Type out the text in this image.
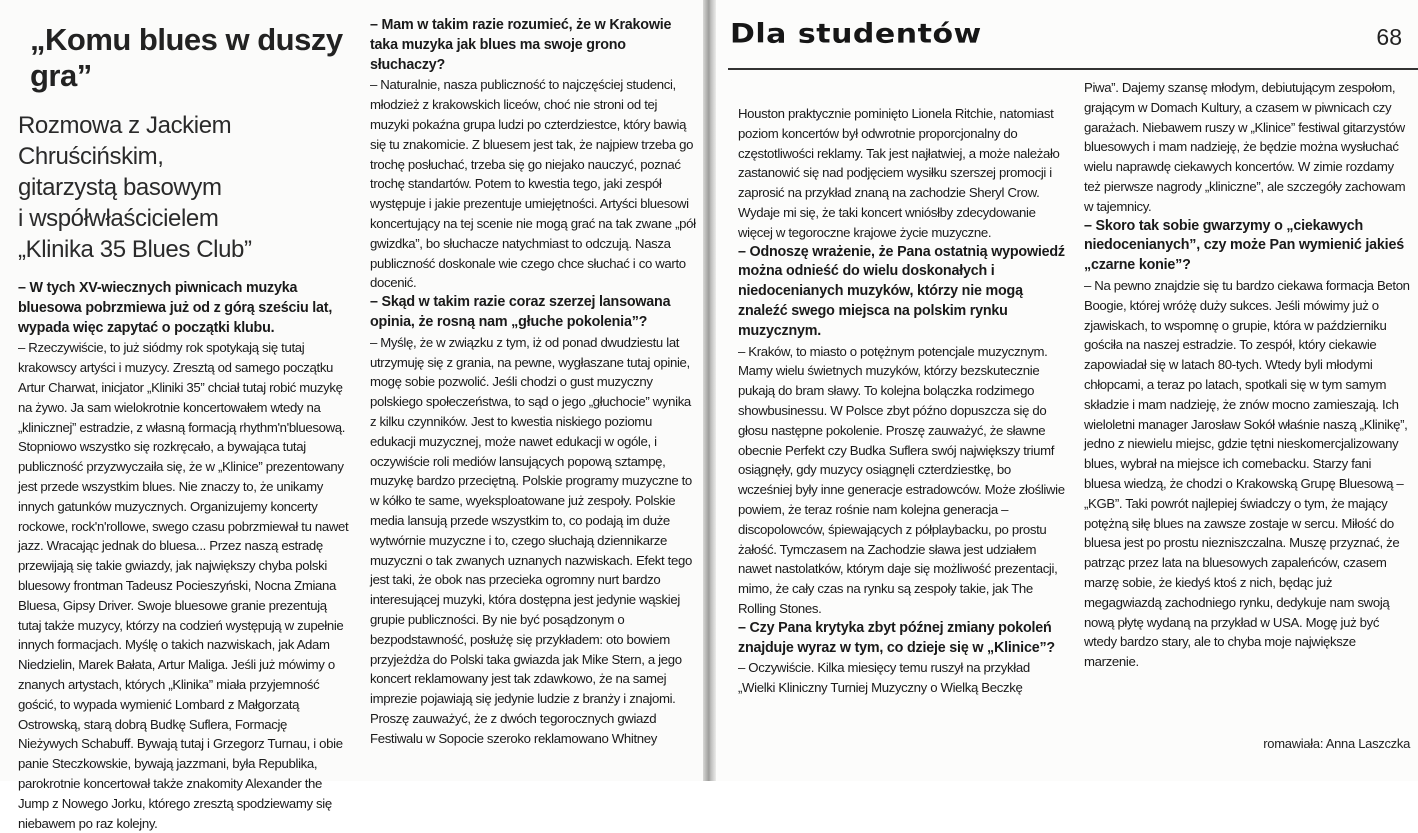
„Komu blues w duszy gra”
Rozmowa z Jackiem Chruścińskim,
gitarzystą basowym
i współwłaścicielem
„Klinika 35 Blues Club”

– W tych XV-wiecznych piwnicach muzyka bluesowa pobrzmiewa już od z górą sześciu lat, wypada więc zapytać o początki klubu.

– Rzeczywiście, to już siódmy rok spotykają się tutaj krakowscy artyści i muzycy. Zresztą od samego początku Artur Charwat, inicjator „Kliniki 35” chciał tutaj robić muzykę na żywo. Ja sam wielokrotnie koncertowałem wtedy na „klinicznej” estradzie, z własną formacją rhythm'n'bluesową. Stopniowo wszystko się rozkręcało, a bywająca tutaj publiczność przyzwyczaiła się, że w „Klinice” prezentowany jest przede wszystkim blues. Nie znaczy to, że unikamy innych gatunków muzycznych. Organizujemy koncerty rockowe, rock'n'rollowe, swego czasu pobrzmiewał tu nawet jazz. Wracając jednak do bluesa... Przez naszą estradę przewijają się takie gwiazdy, jak największy chyba polski bluesowy frontman Tadeusz Pocieszyński, Nocna Zmiana Bluesa, Gipsy Driver. Swoje bluesowe granie prezentują tutaj także muzycy, którzy na codzień występują w zupełnie innych formacjach. Myślę o takich nazwiskach, jak Adam Niedzielin, Marek Bałata, Artur Maliga. Jeśli już mówimy o znanych artystach, których „Klinika” miała przyjemność gościć, to wypada wymienić Lombard z Małgorzatą Ostrowską, starą dobrą Budkę Suflera, Formację Nieżywych Schabuff. Bywają tutaj i Grzegorz Turnau, i obie panie Steczkowskie, bywają jazzmani, była Republika, parokrotnie koncertował także znakomity Alexander the Jump z Nowego Jorku, którego zresztą spodziewamy się niebawem po raz kolejny.

– Mam w takim razie rozumieć, że w Krakowie taka muzyka jak blues ma swoje grono słuchaczy?

– Naturalnie, nasza publiczność to najczęściej studenci, młodzież z krakowskich liceów, choć nie stroni od tej muzyki pokaźna grupa ludzi po czterdziestce, który bawią się tu znakomicie. Z bluesem jest tak, że najpiew trzeba go trochę posłuchać, trzeba się go niejako nauczyć, poznać trochę standartów. Potem to kwestia tego, jaki zespół występuje i jakie prezentuje umiejętności. Artyści bluesowi koncertujący na tej scenie nie mogą grać na tak zwane „pół gwizdka”, bo słuchacze natychmiast to odczują. Nasza publiczność doskonale wie czego chce słuchać i co warto docenić.

– Skąd w takim razie coraz szerzej lansowana opinia, że rosną nam „głuche pokolenia”?

– Myślę, że w związku z tym, iż od ponad dwudziestu lat utrzymuję się z grania, na pewne, wygłaszane tutaj opinie, mogę sobie pozwolić. Jeśli chodzi o gust muzyczny polskiego społeczeństwa, to sąd o jego „głuchocie” wynika z kilku czynników. Jest to kwestia niskiego poziomu edukacji muzycznej, może nawet edukacji w ogóle, i oczywiście roli mediów lansujących popową sztampę, muzykę bardzo przeciętną. Polskie programy muzyczne to w kółko te same, wyeksploatowane już zespoły. Polskie media lansują przede wszystkim to, co podają im duże wytwórnie muzyczne i to, czego słuchają dziennikarze muzyczni o tak zwanych uznanych nazwiskach. Efekt tego jest taki, że obok nas przecieka ogromny nurt bardzo interesującej muzyki, która dostępna jest jedynie wąskiej grupie publiczności. By nie być posądzonym o bezpodstawność, posłużę się przykładem: oto bowiem przyjeżdża do Polski taka gwiazda jak Mike Stern, a jego koncert reklamowany jest tak zdawkowo, że na samej imprezie pojawiają się jedynie ludzie z branży i znajomi. Proszę zauważyć, że z dwóch tegorocznych gwiazd Festiwalu w Sopocie szeroko reklamowano Whitney

Dla studentów	68

Houston praktycznie pominięto Lionela Ritchie, natomiast poziom koncertów był odwrotnie proporcjonalny do częstotliwości reklamy. Tak jest najłatwiej, a może należało zastanowić się nad podjęciem wysiłku szerszej promocji i zaprosić na przykład znaną na zachodzie Sheryl Crow. Wydaje mi się, że taki koncert wniósłby zdecydowanie więcej w tegoroczne krajowe życie muzyczne.

– Odnoszę wrażenie, że Pana ostatnią wypowiedź można odnieść do wielu doskonałych i niedocenianych muzyków, którzy nie mogą znaleźć swego miejsca na polskim rynku muzycznym.

– Kraków, to miasto o potężnym potencjale muzycznym. Mamy wielu świetnych muzyków, którzy bezskutecznie pukają do bram sławy. To kolejna bolączka rodzimego showbusinessu. W Polsce zbyt późno dopuszcza się do głosu następne pokolenie. Proszę zauważyć, że sławne obecnie Perfekt czy Budka Suflera swój największy triumf osiągnęły, gdy muzycy osiągnęli czterdziestkę, bo wcześniej były inne generacje estradowców. Może złośliwie powiem, że teraz rośnie nam kolejna generacja – discopolowców, śpiewających z półplaybacku, po prostu żałość. Tymczasem na Zachodzie sława jest udziałem nawet nastolatków, którym daje się możliwość prezentacji, mimo, że cały czas na rynku są zespoły takie, jak The Rolling Stones.

– Czy Pana krytyka zbyt późnej zmiany pokoleń znajduje wyraz w tym, co dzieje się w „Klinice”?

– Oczywiście. Kilka miesięcy temu ruszył na przykład „Wielki Kliniczny Turniej Muzyczny o Wielką Beczkę

Piwa”. Dajemy szansę młodym, debiutującym zespołom, grającym w Domach Kultury, a czasem w piwnicach czy garażach. Niebawem ruszy w „Klinice” festiwal gitarzystów bluesowych i mam nadzieję, że będzie można wysłuchać wielu naprawdę ciekawych koncertów. W zimie rozdamy też pierwsze nagrody „kliniczne”, ale szczegóły zachowam w tajemnicy.

– Skoro tak sobie gwarzymy o „ciekawych niedocenianych”, czy może Pan wymienić jakieś „czarne konie”?

– Na pewno znajdzie się tu bardzo ciekawa formacja Beton Boogie, której wróżę duży sukces. Jeśli mówimy już o zjawiskach, to wspomnę o grupie, która w październiku gościła na naszej estradzie. To zespół, który ciekawie zapowiadał się w latach 80-tych. Wtedy byli młodymi chłopcami, a teraz po latach, spotkali się w tym samym składzie i mam nadzieję, że znów mocno zamieszają. Ich wieloletni manager Jarosław Sokół właśnie naszą „Klinikę”, jedno z niewielu miejsc, gdzie tętni nieskomercjalizowany blues, wybrał na miejsce ich comebacku. Starzy fani bluesa wiedzą, że chodzi o Krakowską Grupę Bluesową – „KGB”. Taki powrót najlepiej świadczy o tym, że mający potężną siłę blues na zawsze zostaje w sercu. Miłość do bluesa jest po prostu niezniszczalna. Muszę przyznać, że patrząc przez lata na bluesowych zapaleńców, czasem marzę sobie, że kiedyś ktoś z nich, będąc już megagwiazdą zachodniego rynku, dedykuje nam swoją nową płytę wydaną na przykład w USA. Mogę już być wtedy bardzo stary, ale to chyba moje największe marzenie.

romawiała: Anna Laszczka
